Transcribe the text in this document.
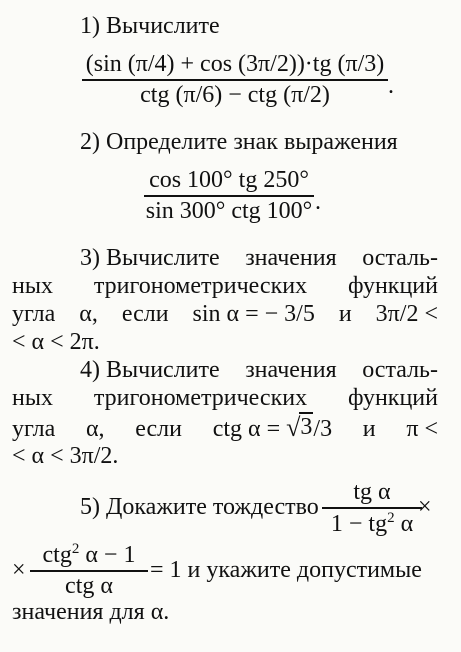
1) Вычислите
(sin (π/4) + cos (3π/2))·tg (π/3)
ctg (π/6) − ctg (π/2) .
2) Определите знак выражения
cos 100° tg 250°
sin 300° ctg 100° .
3) Вычислите значения осталь-
ных тригонометрических функций
угла α, если sin α = − 3/5 и 3π/2 <
< α < 2π.
4) Вычислите значения осталь-
ных тригонометрических функций
угла α, если ctg α = √ 3 /3 и π <
< α < 3π/2.
5) Докажите тождество
tg α
$1 - tg^2$ α
×
×
ctg$^2$ α − 1
ctg α
= 1 и укажите допустимые
значения для α.
